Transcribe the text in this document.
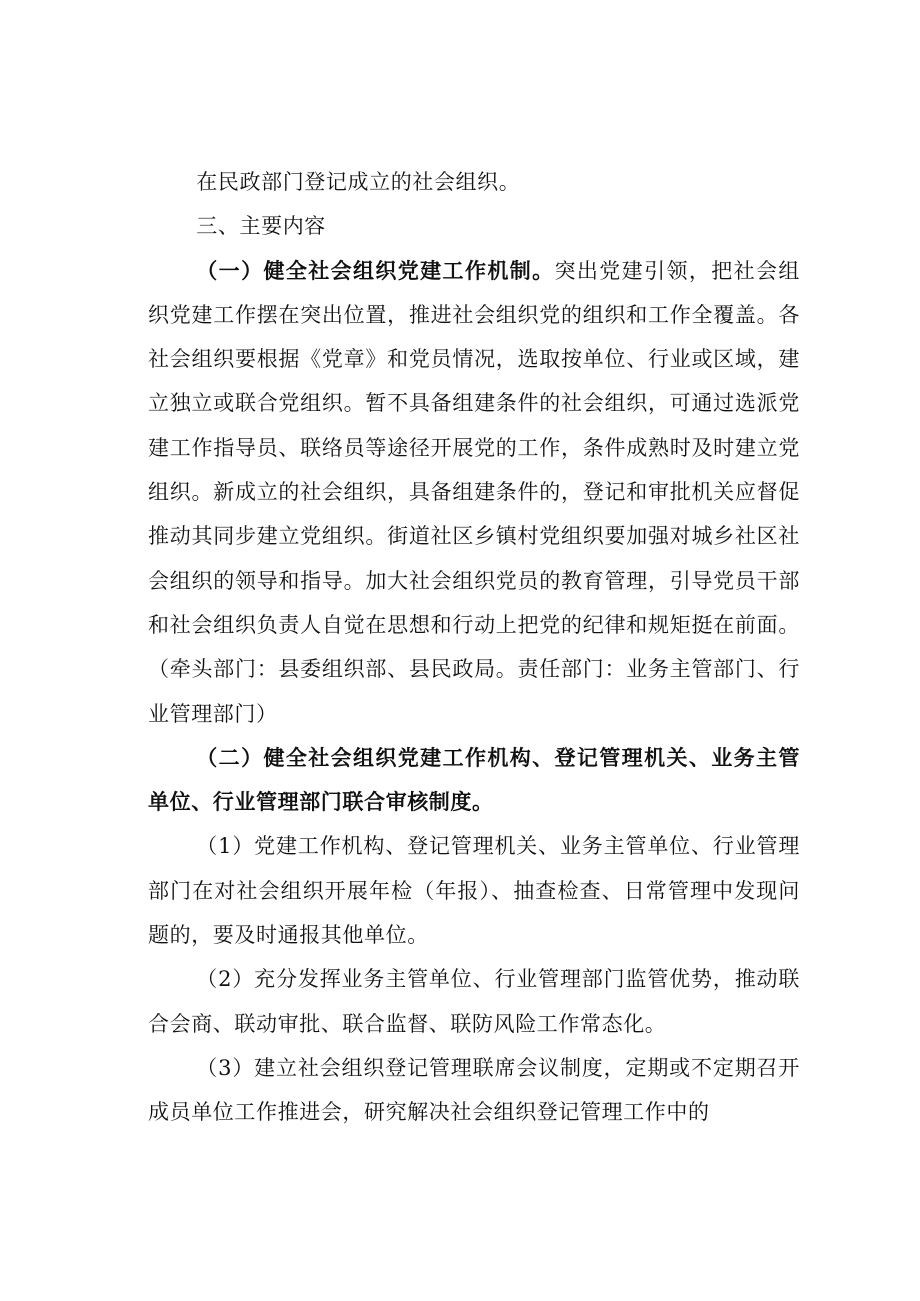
在民政部门登记成立的社会组织。

三、主要内容

（一）健全社会组织党建工作机制。突出党建引领，把社会组织党建工作摆在突出位置，推进社会组织党的组织和工作全覆盖。各社会组织要根据《党章》和党员情况，选取按单位、行业或区域，建立独立或联合党组织。暂不具备组建条件的社会组织，可通过选派党建工作指导员、联络员等途径开展党的工作，条件成熟时及时建立党组织。新成立的社会组织，具备组建条件的，登记和审批机关应督促推动其同步建立党组织。街道社区乡镇村党组织要加强对城乡社区社会组织的领导和指导。加大社会组织党员的教育管理，引导党员干部和社会组织负责人自觉在思想和行动上把党的纪律和规矩挺在前面。（牵头部门：县委组织部、县民政局。责任部门：业务主管部门、行业管理部门）

（二）健全社会组织党建工作机构、登记管理机关、业务主管单位、行业管理部门联合审核制度。

（1）党建工作机构、登记管理机关、业务主管单位、行业管理部门在对社会组织开展年检（年报）、抽查检查、日常管理中发现问题的，要及时通报其他单位。

（2）充分发挥业务主管单位、行业管理部门监管优势，推动联合会商、联动审批、联合监督、联防风险工作常态化。

（3）建立社会组织登记管理联席会议制度，定期或不定期召开成员单位工作推进会，研究解决社会组织登记管理工作中的
